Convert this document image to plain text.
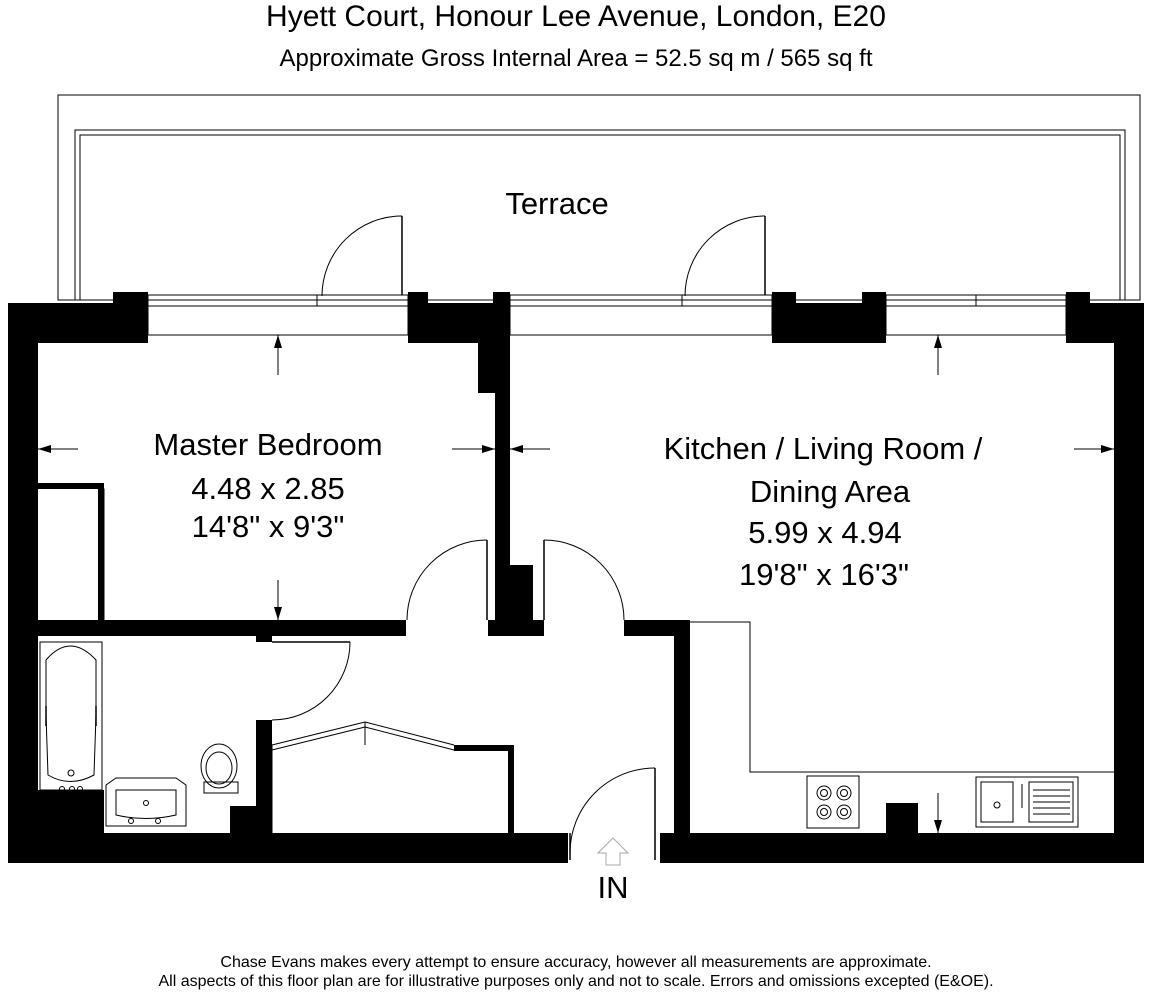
Hyett Court, Honour Lee Avenue, London, E20
Approximate Gross Internal Area = 52.5 sq m / 565 sq ft
Terrace
Master Bedroom
4.48 x 2.85
14'8" x 9'3"
Kitchen / Living Room /
Dining Area
5.99 x 4.94
19'8" x 16'3"
IN
Chase Evans makes every attempt to ensure accuracy, however all measurements are approximate.
All aspects of this floor plan are for illustrative purposes only and not to scale. Errors and omissions excepted (E&OE).
